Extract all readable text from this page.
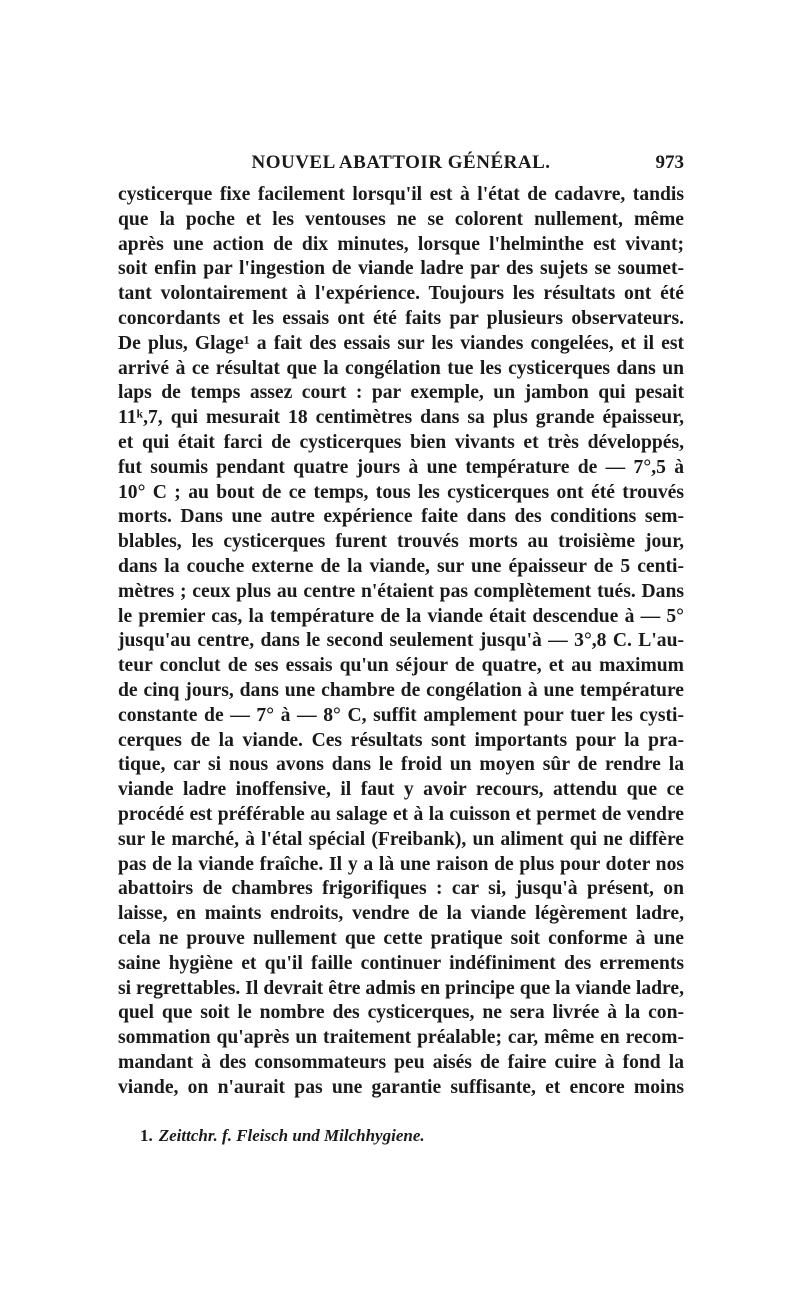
NOUVEL ABATTOIR GÉNÉRAL.	973
cysticerque fixe facilement lorsqu'il est à l'état de cadavre, tandis
que la poche et les ventouses ne se colorent nullement, même
après une action de dix minutes, lorsque l'helminthe est vivant;
soit enfin par l'ingestion de viande ladre par des sujets se soumet-
tant volontairement à l'expérience. Toujours les résultats ont été
concordants et les essais ont été faits par plusieurs observateurs.
De plus, Glage¹ a fait des essais sur les viandes congelées, et il est
arrivé à ce résultat que la congélation tue les cysticerques dans un
laps de temps assez court : par exemple, un jambon qui pesait
11ᵏ,7, qui mesurait 18 centimètres dans sa plus grande épaisseur,
et qui était farci de cysticerques bien vivants et très développés,
fut soumis pendant quatre jours à une température de — 7°,5 à
10° C ; au bout de ce temps, tous les cysticerques ont été trouvés
morts. Dans une autre expérience faite dans des conditions sem-
blables, les cysticerques furent trouvés morts au troisième jour,
dans la couche externe de la viande, sur une épaisseur de 5 centi-
mètres ; ceux plus au centre n'étaient pas complètement tués. Dans
le premier cas, la température de la viande était descendue à — 5°
jusqu'au centre, dans le second seulement jusqu'à — 3°,8 C. L'au-
teur conclut de ses essais qu'un séjour de quatre, et au maximum
de cinq jours, dans une chambre de congélation à une température
constante de — 7° à — 8° C, suffit amplement pour tuer les cysti-
cerques de la viande. Ces résultats sont importants pour la pra-
tique, car si nous avons dans le froid un moyen sûr de rendre la
viande ladre inoffensive, il faut y avoir recours, attendu que ce
procédé est préférable au salage et à la cuisson et permet de vendre
sur le marché, à l'étal spécial (Freibank), un aliment qui ne diffère
pas de la viande fraîche. Il y a là une raison de plus pour doter nos
abattoirs de chambres frigorifiques : car si, jusqu'à présent, on
laisse, en maints endroits, vendre de la viande légèrement ladre,
cela ne prouve nullement que cette pratique soit conforme à une
saine hygiène et qu'il faille continuer indéfiniment des errements
si regrettables. Il devrait être admis en principe que la viande ladre,
quel que soit le nombre des cysticerques, ne sera livrée à la con-
sommation qu'après un traitement préalable; car, même en recom-
mandant à des consommateurs peu aisés de faire cuire à fond la
viande, on n'aurait pas une garantie suffisante, et encore moins
1. Zeittchr. f. Fleisch und Milchhygiene.
